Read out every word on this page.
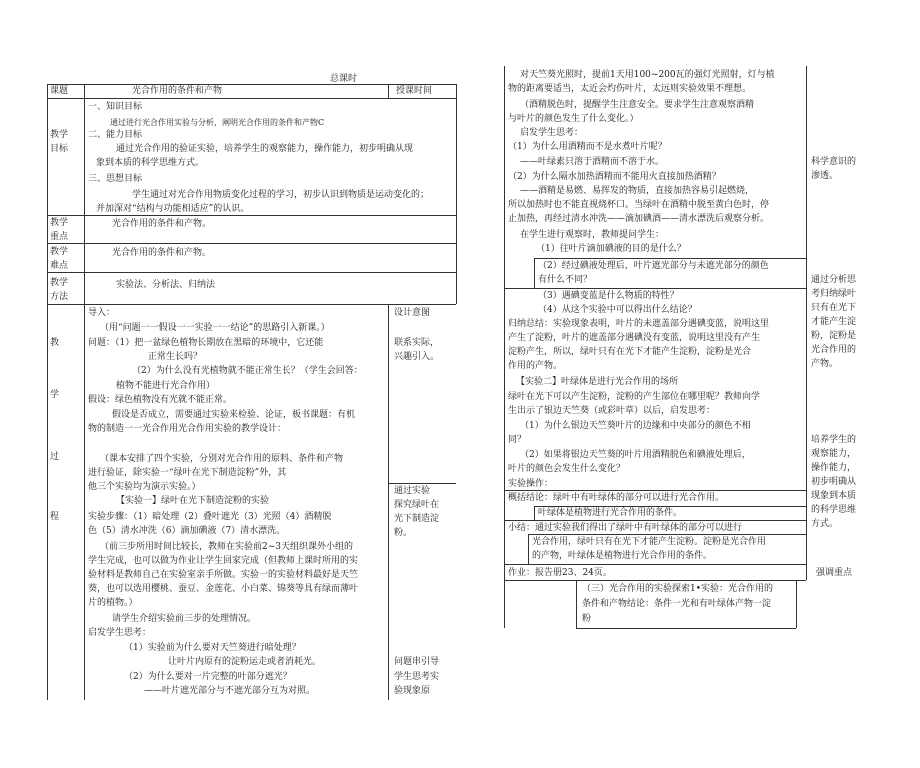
总课时
课题	光合作用的条件和产物	授课时间
教学
目标
一、知识目标
通过进行光合作用实验与分析，阐明光合作用的条件和产物C
二、能力目标
通过光合作用的验证实验，培养学生的观察能力，操作能力，初步明确从现
象到本质的科学思维方式。
三、思想目标
学生通过对光合作用物质变化过程的学习，初步认识到物质是运动变化的；
并加深对“结构与功能相适应”的认识。
教学
重点
光合作用的条件和产物。
教学
难点
光合作用的条件和产物。
教学
方法
实验法、分析法、归纳法
教
学
过
程
设计意图
导入：
（用“问题一一假设一一实验一一结论”的思路引入新课。）
问题：（1）把一盆绿色植物长期放在黑暗的环境中，它还能
正常生长吗？
（2）为什么没有光植物就不能正常生长？（学生会回答：
植物不能进行光合作用）
假设：绿色植物没有光就不能正常。
假设是否成立，需要通过实验来检验、论证，板书课题：有机
物的制造一一光合作用光合作用实验的教学设计：
（课本安排了四个实验，分别对光合作用的原料、条件和产物
进行验证，除实验一“绿叶在光下制造淀粉”外，其
他三个实验均为演示实验。）
【实验一】绿叶在光下制造淀粉的实验
实验步骤：（1）暗处理（2）叠叶遮光（3）光照（4）酒精脱
色（5）清水冲洗（6）滴加碘液（7）清水漂洗。
（前三步所用时间比较长，教师在实验前2~3天组织课外小组的
学生完成，也可以做为作业让学生回家完成（但教师上课时所用的实
验材料是教师自己在实验室亲手所做。实验一的实验材料最好是天竺
葵，也可以选用樱桃、蚕豆、金莲花、小白菜、锦葵等具有绿而薄叶
片的植物。）
请学生介绍实验前三步的处理情况。
启发学生思考：
（1）实验前为什么要对天竺葵进行暗处理？
让叶片内原有的淀粉运走或者消耗光。
（2）为什么要对一片完整的叶部分遮光？
——叶片遮光部分与不遮光部分互为对照。
联系实际，
兴趣引入。
通过实验
探究绿叶在
光下制造淀
粉。
问题串引导
学生思考实
验现象原
对天竺葵光照时，提前1天用100~200瓦的强灯光照射，灯与植
物的距离要适当，太近会灼伤叶片，太远则实验效果不理想。
（酒精脱色时，提醒学生注意安全。要求学生注意观察酒精
与叶片的颜色发生了什么变化。）
启发学生思考：
（1）为什么用酒精而不是水煮叶片呢？
——叶绿素只溶于酒精而不溶于水。
（2）为什么隔水加热酒精而不能用火直接加热酒精？
——酒精是易燃、易挥发的物质，直接加热容易引起燃烧，
所以加热时也不能直视烧杯口。当绿叶在酒精中脱至黄白色时，停
止加热，再经过清水冲洗——滴加碘酒——清水漂洗后观察分析。
在学生进行观察时，教师提问学生：
（1）往叶片滴加碘液的目的是什么？
（2）经过碘液处理后，叶片遮光部分与未遮光部分的颜色
有什么不同？
（3）遇碘变蓝是什么物质的特性？
（4）从这个实验中可以得出什么结论？
归纳总结：实验现象表明，叶片的未遮盖部分遇碘变蓝，说明这里
产生了淀粉，叶片的遮盖部分遇碘没有变蓝，说明这里没有产生
淀粉产生，所以，绿叶只有在光下才能产生淀粉，淀粉是光合
作用的产物。
【实验二】叶绿体是进行光合作用的场所
绿叶在光下可以产生淀粉，淀粉的产生部位在哪里呢？教师向学
生出示了银边天竺葵（或彩叶草）以后，启发思考：
（1）为什么银边天竺葵叶片的边缘和中央部分的颜色不相
同？
（2）如果将银边天竺葵的叶片用酒精脱色和碘液处理后，
叶片的颜色会发生什么变化？
实验操作：
概括结论：绿叶中有叶绿体的部分可以进行光合作用。
叶绿体是植物进行光合作用的条件。
小结：通过实验我们得出了绿叶中有叶绿体的部分可以进行
光合作用，绿叶只有在光下才能产生淀粉。淀粉是光合作用
的产物，叶绿体是植物进行光合作用的条件。
作业：报告册23、24页。
（三）光合作用的实验探索1•实验：光合作用的
条件和产物结论：条件一光和有叶绿体产物一淀
粉
科学意识的
渗透。
通过分析思
考归纳绿叶
只有在光下
才能产生淀
粉，淀粉是
光合作用的
产物。
培养学生的
观察能力，
操作能力，
初步明确从
现象到本质
的科学思维
方式。
强调重点
